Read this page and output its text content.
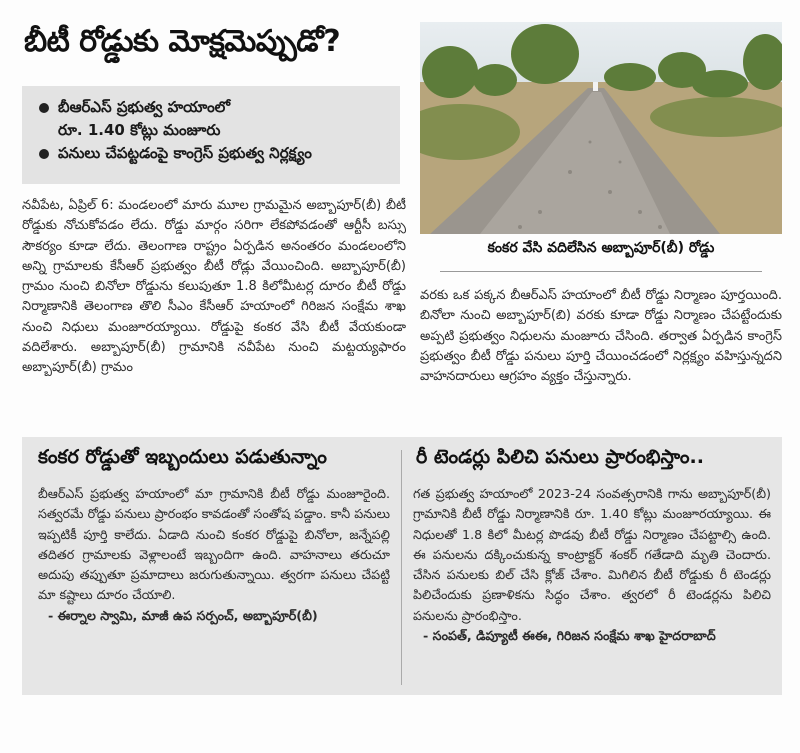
బీటీ రోడ్డుకు మోక్షమెప్పుడో?
బీఆర్ఎస్ ప్రభుత్వ హయాంలో
రూ. 1.40 కోట్లు మంజూరు
పనులు చేపట్టడంపై కాంగ్రెస్ ప్రభుత్వ నిర్లక్ష్యం
కంకర వేసి వదిలేసిన అబ్బాపూర్(బీ) రోడ్డు
నవీపేట, ఏప్రిల్ 6: మండలంలో మారు మూల గ్రామమైన అబ్బాపూర్(బీ) బీటీ రోడ్డుకు నోచుకోవడం లేదు. రోడ్డు మార్గం సరిగా లేకపోవడంతో ఆర్టీసీ బస్సు సౌకర్యం కూడా లేదు. తెలంగాణ రాష్ట్రం ఏర్పడిన అనంతరం మండలంలోని అన్ని గ్రామాలకు కేసీఆర్ ప్రభుత్వం బీటీ రోడ్లు వేయించింది. అబ్బాపూర్(బీ) గ్రామం నుంచి బినోలా రోడ్డును కలుపుతూ 1.8 కిలోమీటర్ల దూరం బీటీ రోడ్డు నిర్మాణానికి తెలంగాణ తొలి సీఎం కేసీఆర్ హయాంలో గిరిజన సంక్షేమ శాఖ నుంచి నిధులు మంజూరయ్యాయి. రోడ్డుపై కంకర వేసి బీటీ వేయకుండా వదిలేశారు. అబ్బాపూర్(బీ) గ్రామానికి నవీపేట నుంచి మట్టయ్యఫారం అబ్బాపూర్(బీ) గ్రామం
వరకు ఒక పక్కన బీఆర్ఎస్ హయాంలో బీటీ రోడ్డు నిర్మాణం పూర్తయింది. బినోలా నుంచి అబ్బాపూర్(బి) వరకు కూడా రోడ్డు నిర్మాణం చేపట్టేందుకు అప్పటి ప్రభుత్వం నిధులను మంజూరు చేసింది. తర్వాత ఏర్పడిన కాంగ్రెస్ ప్రభుత్వం బీటీ రోడ్డు పనులు పూర్తి చేయించడంలో నిర్లక్ష్యం వహిస్తున్నదని వాహనదారులు ఆగ్రహం వ్యక్తం చేస్తున్నారు.
కంకర రోడ్డుతో ఇబ్బందులు పడుతున్నాం	రీ టెండర్లు పిలిచి పనులు ప్రారంభిస్తాం..
బీఆర్ఎస్ ప్రభుత్వ హయాంలో మా గ్రామానికి బీటీ రోడ్డు మంజూరైంది. సత్వరమే రోడ్డు పనులు ప్రారంభం కావడంతో సంతోష పడ్డాం. కానీ పనులు ఇప్పటికీ పూర్తి కాలేదు. ఏడాది నుంచి కంకర రోడ్డుపై బినోలా, జన్నేపల్లి తదితర గ్రామాలకు వెళ్లాలంటే ఇబ్బందిగా ఉంది. వాహనాలు తరుచూ అదుపు తప్పుతూ ప్రమాదాలు జరుగుతున్నాయి. త్వరగా పనులు చేపట్టి మా కష్టాలు దూరం చేయాలి.
- ఈర్నాల స్వామి, మాజీ ఉప సర్పంచ్, అబ్బాపూర్(బీ)
గత ప్రభుత్వ హయాంలో 2023-24 సంవత్సరానికి గాను అబ్బాపూర్(బీ) గ్రామానికి బీటీ రోడ్డు నిర్మాణానికి రూ. 1.40 కోట్లు మంజూరయ్యాయి. ఈ నిధులతో 1.8 కిలో మీటర్ల పొడవు బీటీ రోడ్డు నిర్మాణం చేపట్టాల్సి ఉంది. ఈ పనులను దక్కించుకున్న కాంట్రాక్టర్ శంకర్ గతేడాది మృతి చెందారు. చేసిన పనులకు బిల్ చేసి క్లోజ్ చేశాం. మిగిలిన బీటీ రోడ్డుకు రీ టెండర్లు పిలిచేందుకు ప్రణాళికను సిద్ధం చేశాం. త్వరలో రీ టెండర్లను పిలిచి పనులను ప్రారంభిస్తాం.
- సంపత్, డిప్యూటీ ఈఈ, గిరిజన సంక్షేమ శాఖ హైదరాబాద్
